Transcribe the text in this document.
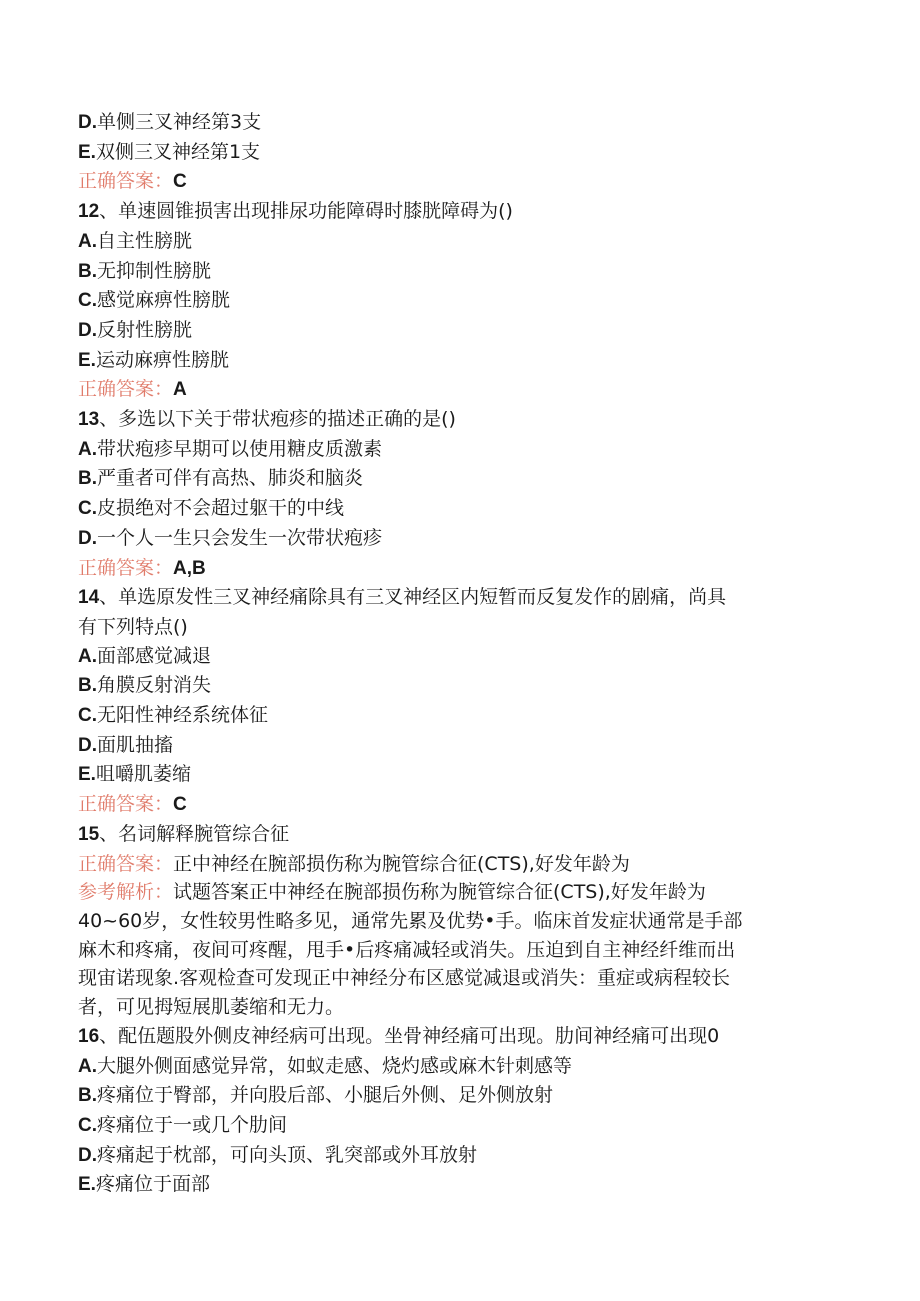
D.单侧三叉神经第3支
E.双侧三叉神经第1支
正确答案：C
12、单速圆锥损害出现排尿功能障碍时膝胱障碍为()
A.自主性膀胱
B.无抑制性膀胱
C.感觉麻痹性膀胱
D.反射性膀胱
E.运动麻痹性膀胱
正确答案：A
13、多选以下关于带状疱疹的描述正确的是()
A.带状疱疹早期可以使用糖皮质激素
B.严重者可伴有高热、肺炎和脑炎
C.皮损绝对不会超过躯干的中线
D.一个人一生只会发生一次带状疱疹
正确答案：A,B
14、单选原发性三叉神经痛除具有三叉神经区内短暂而反复发作的剧痛，尚具
有下列特点()
A.面部感觉减退
B.角膜反射消失
C.无阳性神经系统体征
D.面肌抽搐
E.咀嚼肌萎缩
正确答案：C
15、名词解释腕管综合征
正确答案：正中神经在腕部损伤称为腕管综合征(CTS),好发年龄为
参考解析：试题答案正中神经在腕部损伤称为腕管综合征(CTS),好发年龄为
40~60岁，女性较男性略多见，通常先累及优势•手。临床首发症状通常是手部
麻木和疼痛，夜间可疼醒，甩手•后疼痛减轻或消失。压迫到自主神经纤维而出
现宙诺现象.客观检查可发现正中神经分布区感觉减退或消失：重症或病程较长
者，可见拇短展肌萎缩和无力。
16、配伍题股外侧皮神经病可出现。坐骨神经痛可出现。肋间神经痛可出现0
A.大腿外侧面感觉异常，如蚁走感、烧灼感或麻木针刺感等
B.疼痛位于臀部，并向股后部、小腿后外侧、足外侧放射
C.疼痛位于一或几个肋间
D.疼痛起于枕部，可向头顶、乳突部或外耳放射
E.疼痛位于面部
